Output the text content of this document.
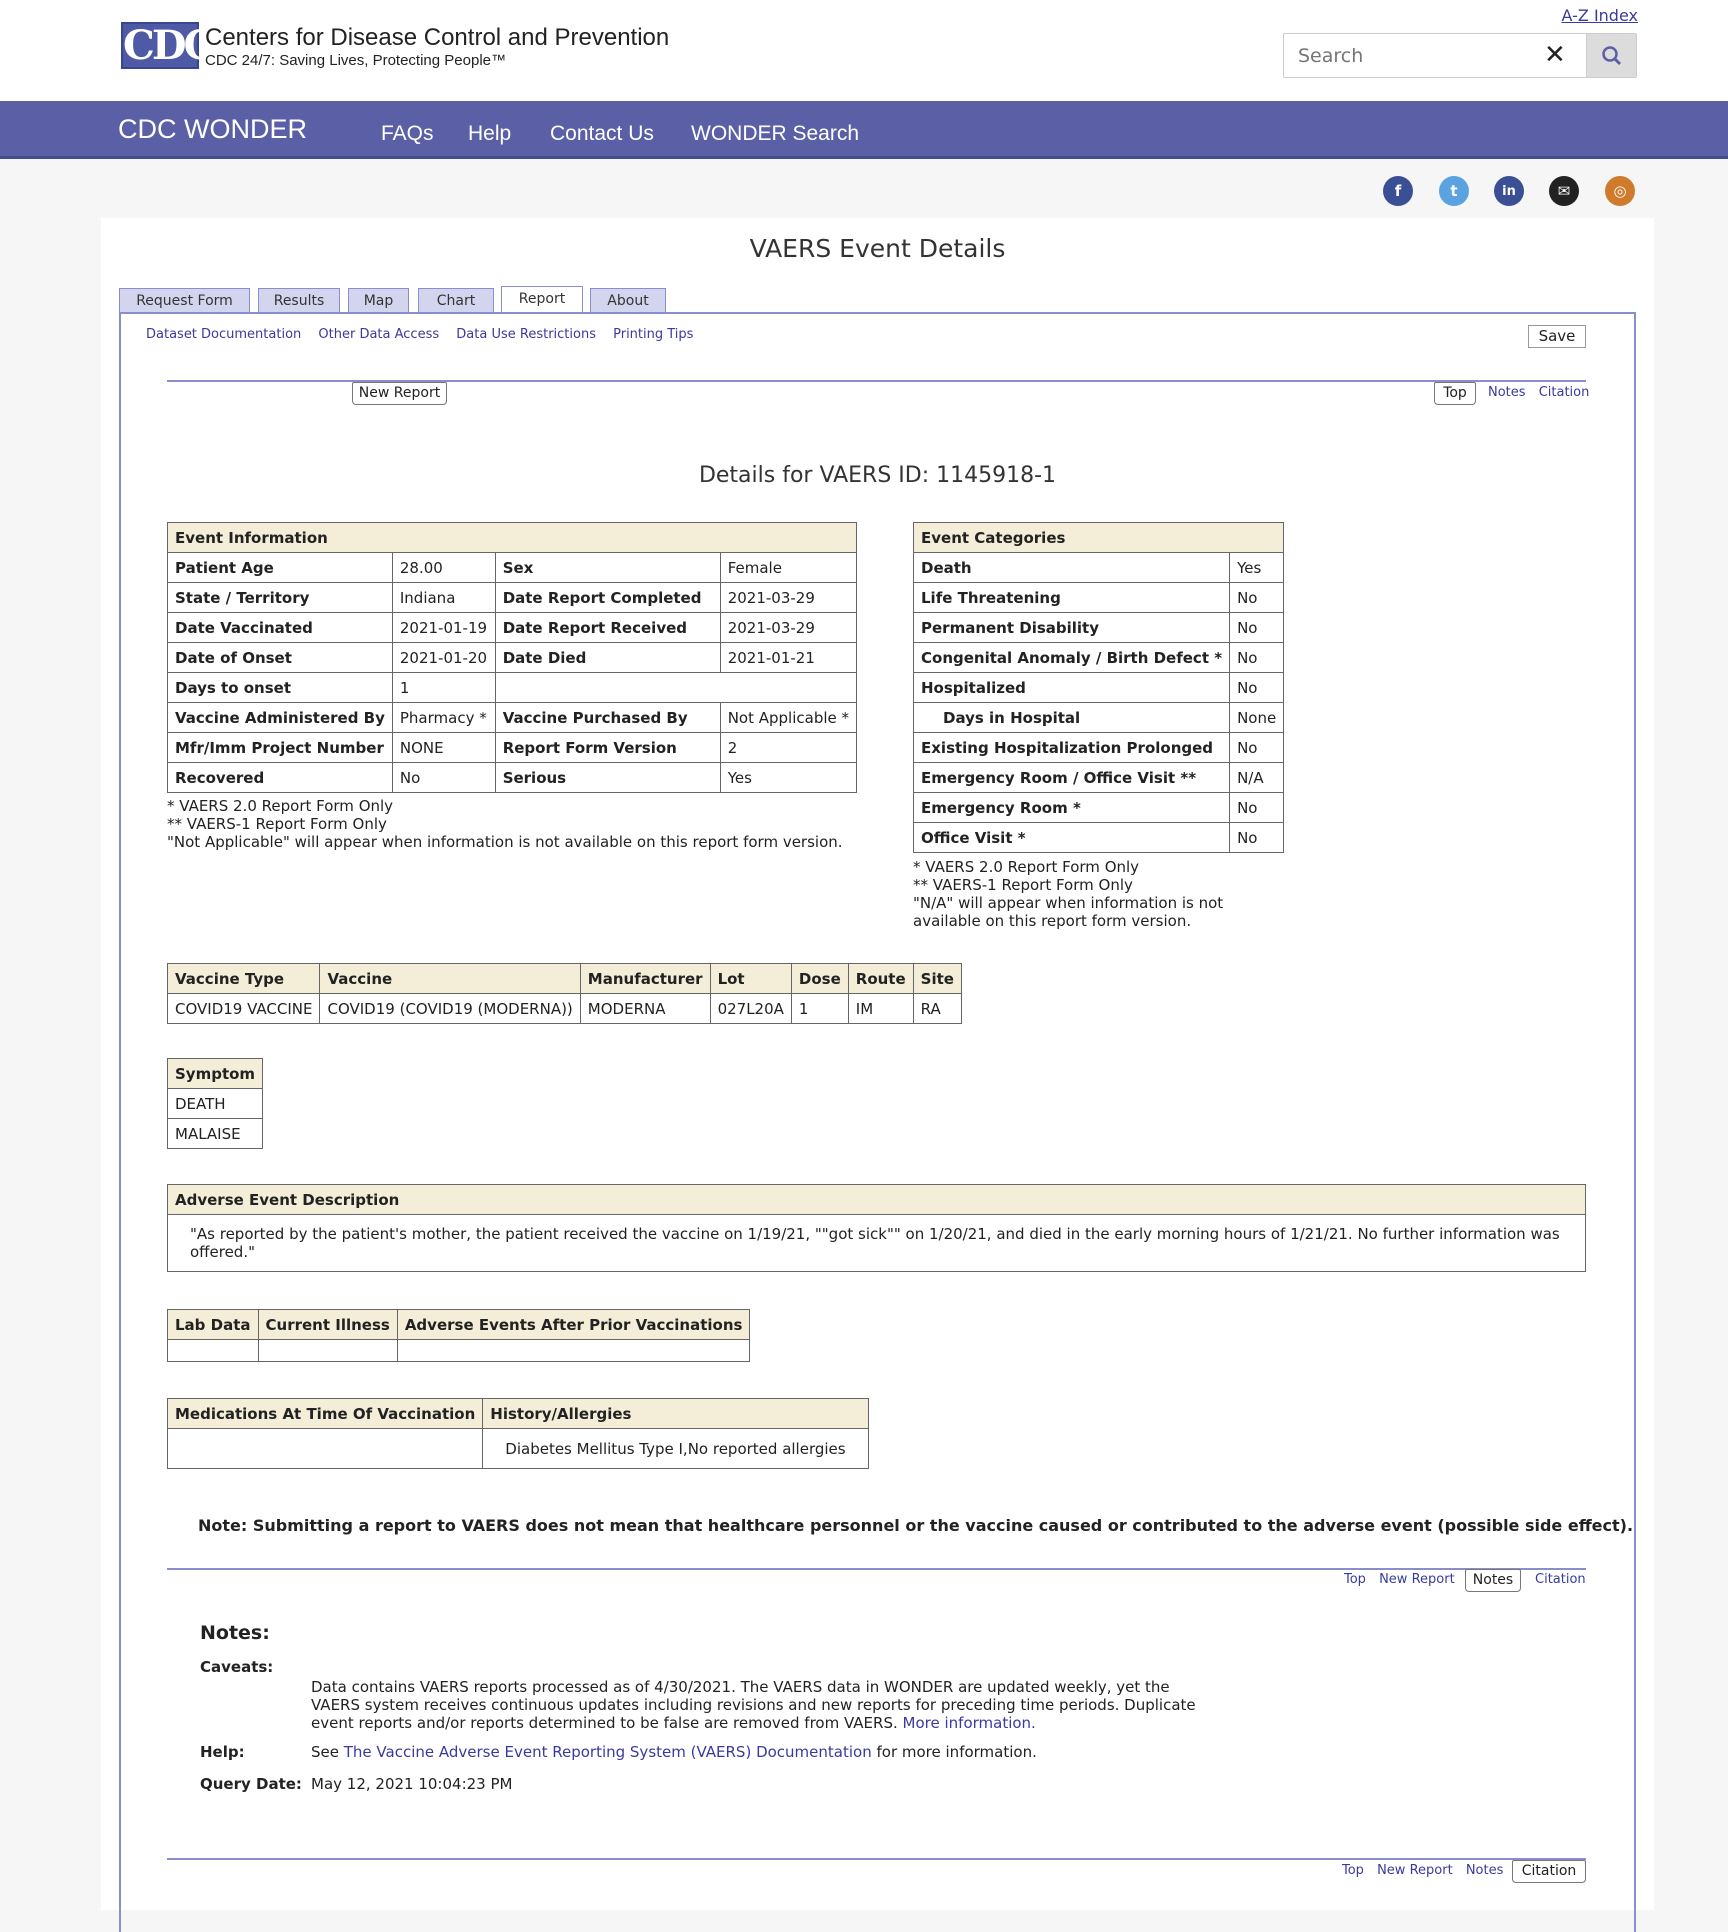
CDC
Centers for Disease Control and Prevention
CDC 24/7: Saving Lives, Protecting People™
A-Z Index
Search
✕
CDC WONDER	FAQs Help Contact Us WONDER Search
f	t	in	✉	◎
VAERS Event Details
Request Form	Results	Map	Chart	Report	About
Dataset Documentation Other Data Access Data Use Restrictions Printing Tips	Save
New Report	Top	Notes Citation
Details for VAERS ID: 1145918-1
Event Information			
Patient Age	28.00	Sex	Female
State / Territory	Indiana	Date Report Completed	2021-03-29
Date Vaccinated	2021-01-19	Date Report Received	2021-03-29
Date of Onset	2021-01-20	Date Died	2021-01-21
Days to onset	1		
Vaccine Administered By	Pharmacy *	Vaccine Purchased By	Not Applicable *
Mfr/Imm Project Number	NONE	Report Form Version	2
Recovered	No	Serious	Yes
* VAERS 2.0 Report Form Only
** VAERS-1 Report Form Only
"Not Applicable" will appear when information is not available on this report form version.
Event Categories	
Death	Yes
Life Threatening	No
Permanent Disability	No
Congenital Anomaly / Birth Defect *	No
Hospitalized	No
Days in Hospital	None
Existing Hospitalization Prolonged	No
Emergency Room / Office Visit **	N/A
Emergency Room *	No
Office Visit *	No
* VAERS 2.0 Report Form Only
** VAERS-1 Report Form Only
"N/A" will appear when information is not
available on this report form version.
Vaccine Type	Vaccine	Manufacturer	Lot	Dose	Route	Site
COVID19 VACCINE	COVID19 (COVID19 (MODERNA))	MODERNA	027L20A	1	IM	RA
Symptom
DEATH
MALAISE
Adverse Event Description
"As reported by the patient's mother, the patient received the vaccine on 1/19/21, ""got sick"" on 1/20/21, and died in the early morning hours of 1/21/21. No further information was offered."
Lab Data	Current Illness	Adverse Events After Prior Vaccinations

Medications At Time Of Vaccination	History/Allergies
	Diabetes Mellitus Type I,No reported allergies
Note: Submitting a report to VAERS does not mean that healthcare personnel or the vaccine caused or contributed to the adverse event (possible side effect).
Top New Report	Notes	Citation
Notes:
Caveats:
Data contains VAERS reports processed as of 4/30/2021. The VAERS data in WONDER are updated weekly, yet the
VAERS system receives continuous updates including revisions and new reports for preceding time periods. Duplicate
event reports and/or reports determined to be false are removed from VAERS. More information.
Help:	See The Vaccine Adverse Event Reporting System (VAERS) Documentation for more information.
Query Date: May 12, 2021 10:04:23 PM
Top New Report Notes	Citation
